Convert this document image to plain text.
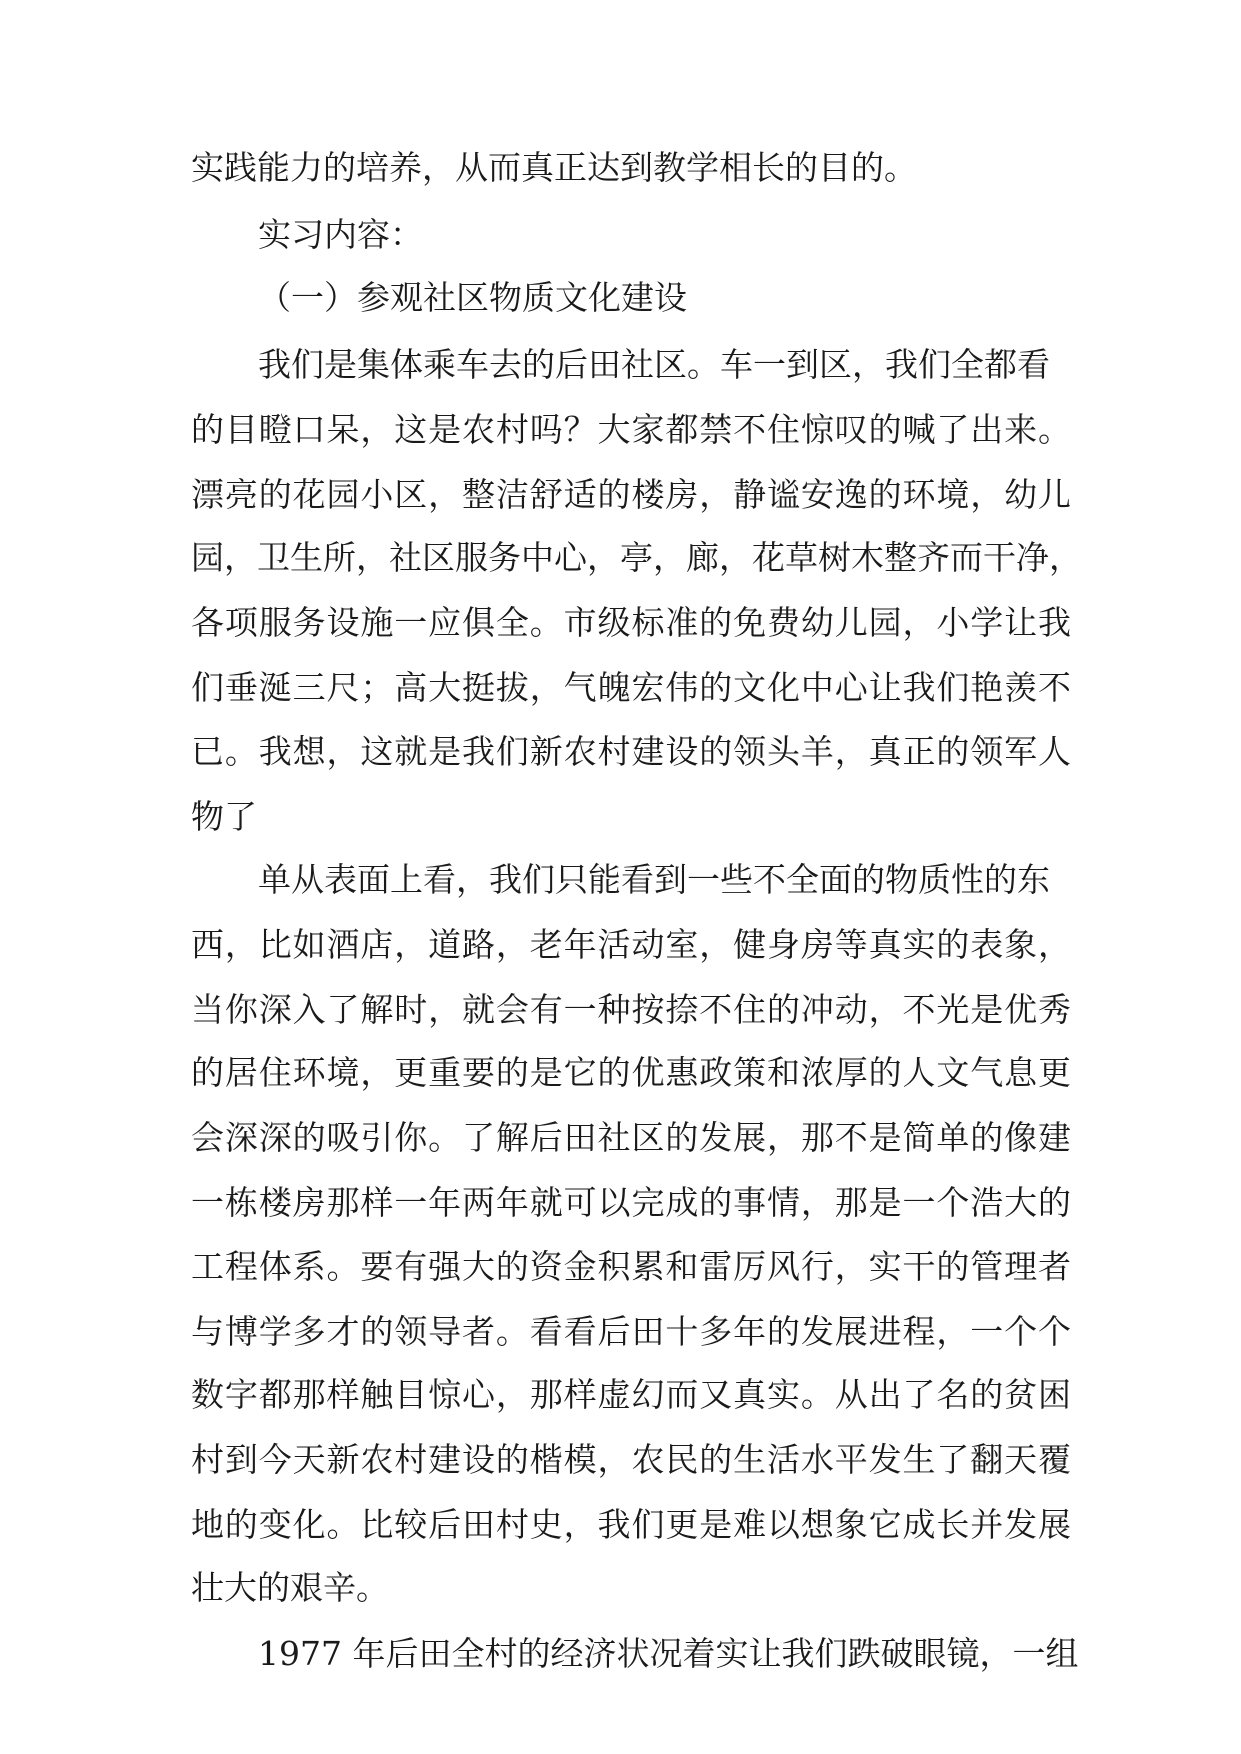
实践能力的培养，从而真正达到教学相长的目的。
实习内容：
（一）参观社区物质文化建设
我们是集体乘车去的后田社区。车一到区，我们全都看
的目瞪口呆，这是农村吗？大家都禁不住惊叹的喊了出来。
漂亮的花园小区，整洁舒适的楼房，静谧安逸的环境，幼儿
园，卫生所，社区服务中心，亭，廊，花草树木整齐而干净，
各项服务设施一应俱全。市级标准的免费幼儿园，小学让我
们垂涎三尺；高大挺拔，气魄宏伟的文化中心让我们艳羡不
已。我想，这就是我们新农村建设的领头羊，真正的领军人
物了
单从表面上看，我们只能看到一些不全面的物质性的东
西，比如酒店，道路，老年活动室，健身房等真实的表象，
当你深入了解时，就会有一种按捺不住的冲动，不光是优秀
的居住环境，更重要的是它的优惠政策和浓厚的人文气息更
会深深的吸引你。了解后田社区的发展，那不是简单的像建
一栋楼房那样一年两年就可以完成的事情，那是一个浩大的
工程体系。要有强大的资金积累和雷厉风行，实干的管理者
与博学多才的领导者。看看后田十多年的发展进程，一个个
数字都那样触目惊心，那样虚幻而又真实。从出了名的贫困
村到今天新农村建设的楷模，农民的生活水平发生了翻天覆
地的变化。比较后田村史，我们更是难以想象它成长并发展
壮大的艰辛。
1977 年后田全村的经济状况着实让我们跌破眼镜，一组
